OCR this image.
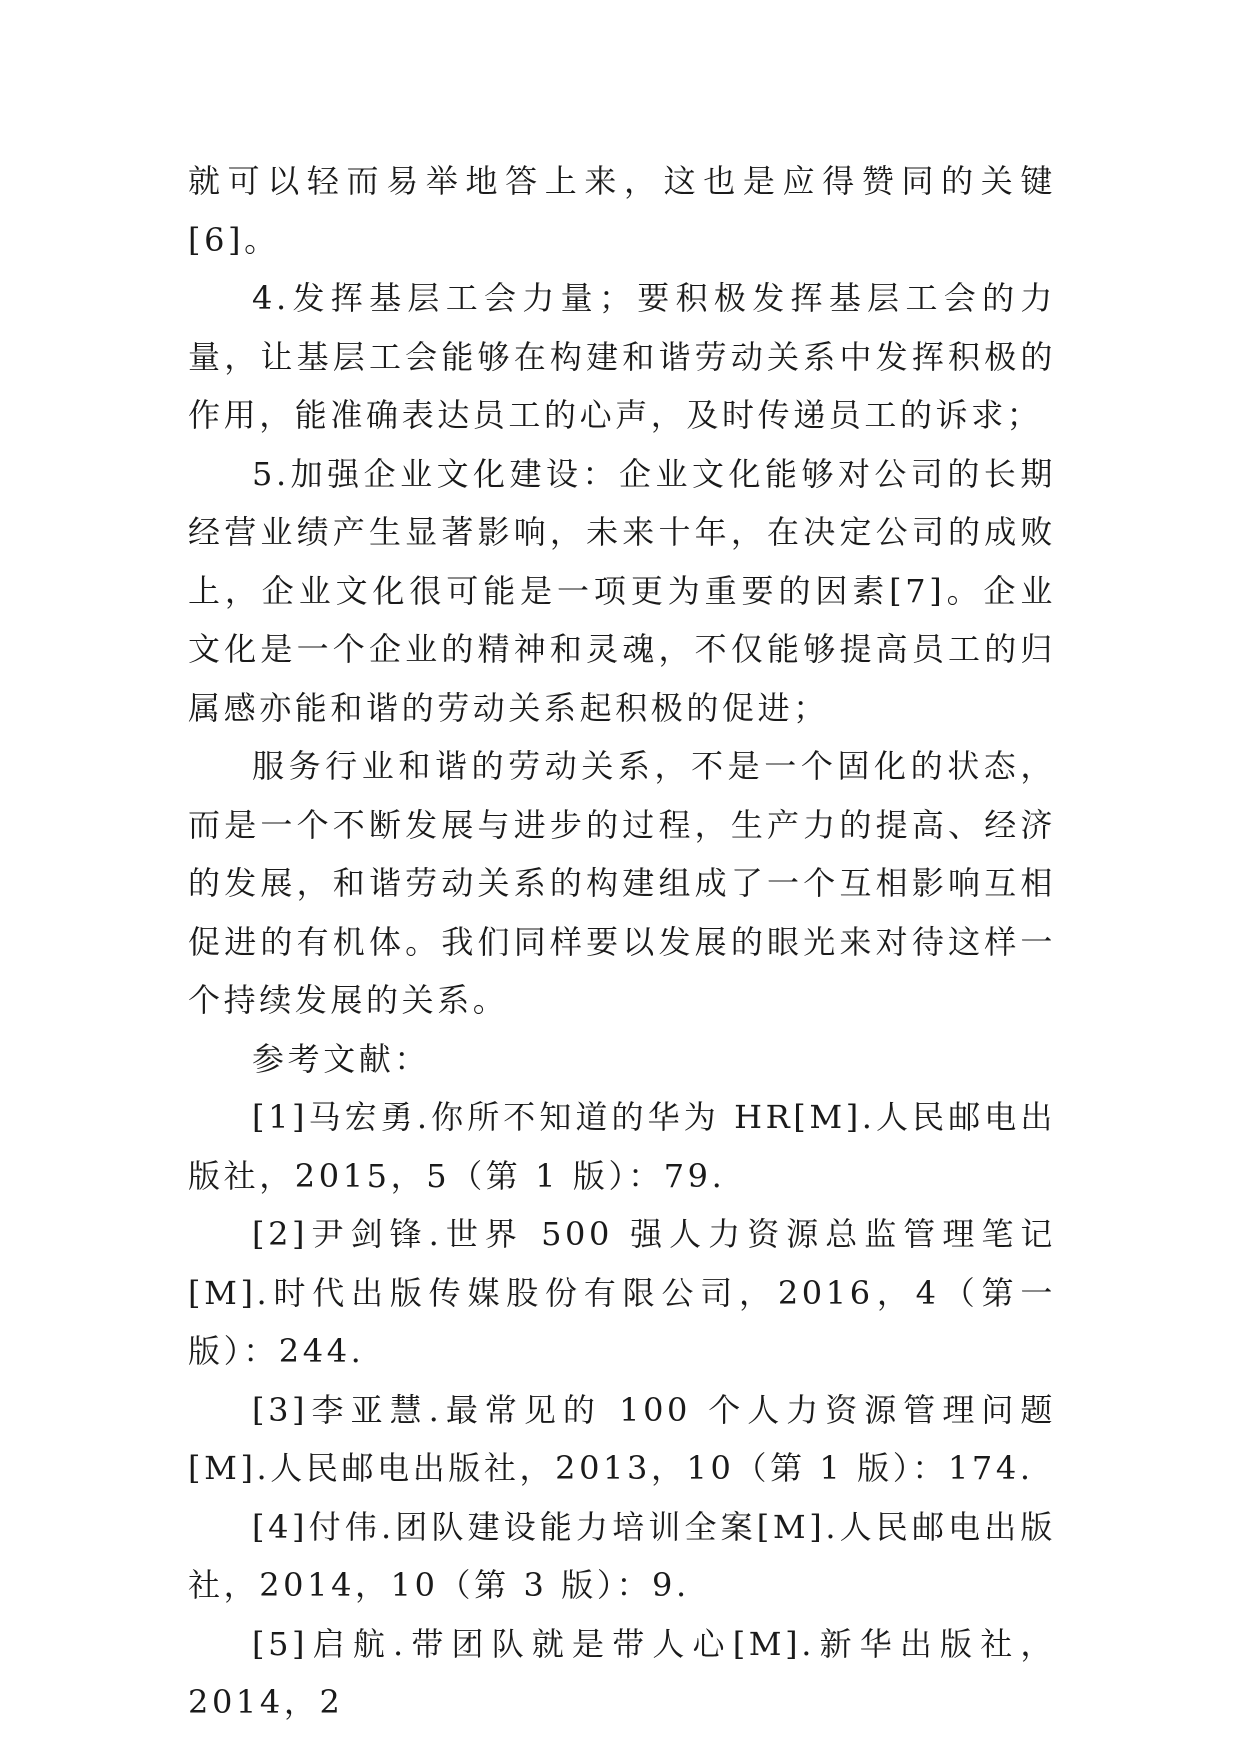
就可以轻而易举地答上来，这也是应得赞同的关键[6]。

4.发挥基层工会力量；要积极发挥基层工会的力量，让基层工会能够在构建和谐劳动关系中发挥积极的作用，能准确表达员工的心声，及时传递员工的诉求；

5.加强企业文化建设：企业文化能够对公司的长期经营业绩产生显著影响，未来十年，在决定公司的成败上，企业文化很可能是一项更为重要的因素[7]。企业文化是一个企业的精神和灵魂，不仅能够提高员工的归属感亦能和谐的劳动关系起积极的促进；

服务行业和谐的劳动关系，不是一个固化的状态，而是一个不断发展与进步的过程，生产力的提高、经济的发展，和谐劳动关系的构建组成了一个互相影响互相促进的有机体。我们同样要以发展的眼光来对待这样一个持续发展的关系。

参考文献：

[1]马宏勇.你所不知道的华为 HR[M].人民邮电出版社，2015，5（第 1 版）：79.

[2]尹剑锋.世界 500 强人力资源总监管理笔记[M].时代出版传媒股份有限公司，2016，4（第一版）：244.

[3]李亚慧.最常见的 100 个人力资源管理问题[M].人民邮电出版社，2013，10（第 1 版）：174.

[4]付伟.团队建设能力培训全案[M].人民邮电出版社，2014，10（第 3 版）：9.

[5]启航.带团队就是带人心[M].新华出版社，2014，2
